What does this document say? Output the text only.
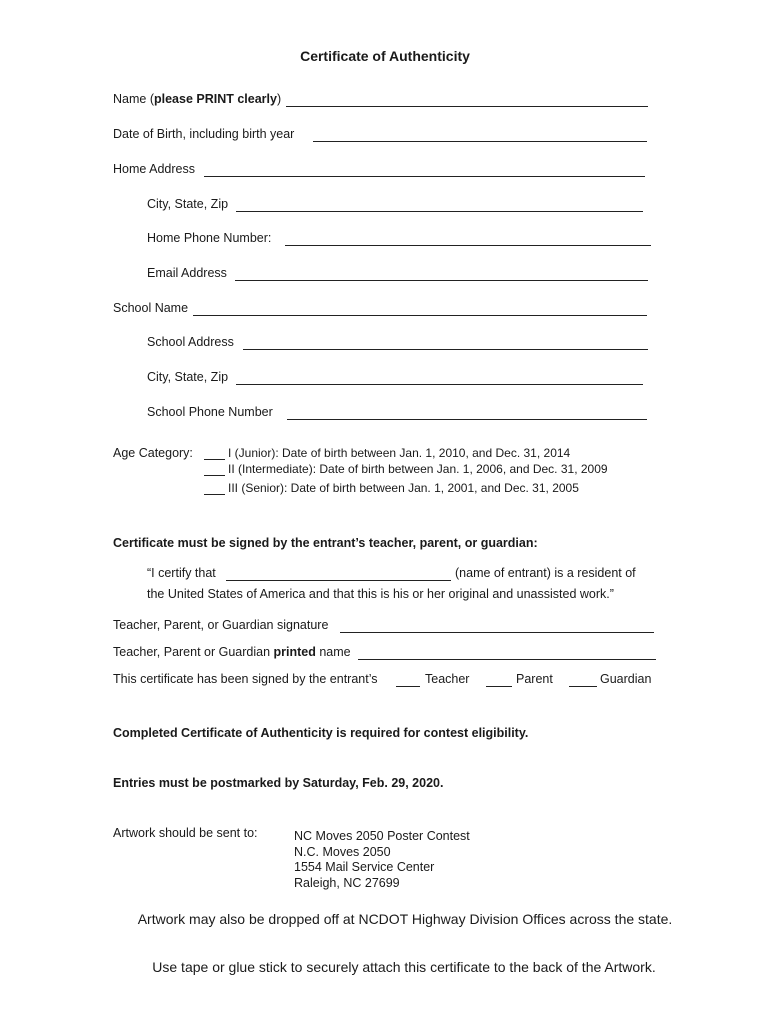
Certificate of Authenticity
Name (please PRINT clearly)
Date of Birth, including birth year
Home Address
City, State, Zip
Home Phone Number:
Email Address
School Name
School Address
City, State, Zip
School Phone Number
Age Category:	I (Junior): Date of birth between Jan. 1, 2010, and Dec. 31, 2014
II (Intermediate): Date of birth between Jan. 1, 2006, and Dec. 31, 2009
III (Senior): Date of birth between Jan. 1, 2001, and Dec. 31, 2005
Certificate must be signed by the entrant’s teacher, parent, or guardian:
“I certify that	(name of entrant) is a resident of
the United States of America and that this is his or her original and unassisted work.”
Teacher, Parent, or Guardian signature
Teacher, Parent or Guardian printed name
This certificate has been signed by the entrant’s	Teacher	Parent	Guardian
Completed Certificate of Authenticity is required for contest eligibility.
Entries must be postmarked by Saturday, Feb. 29, 2020.
Artwork should be sent to:	NC Moves 2050 Poster Contest
N.C. Moves 2050
1554 Mail Service Center
Raleigh, NC 27699
Artwork may also be dropped off at NCDOT Highway Division Offices across the state.
Use tape or glue stick to securely attach this certificate to the back of the Artwork.
